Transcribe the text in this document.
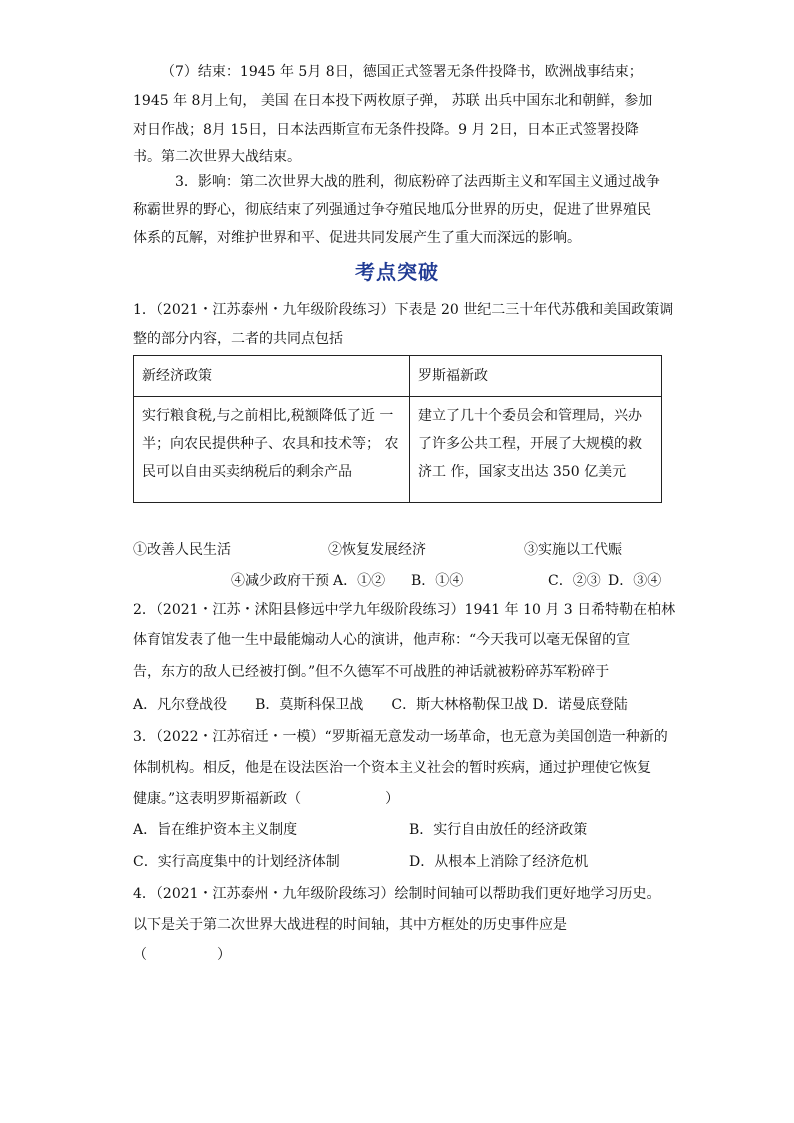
（7）结束：1945 年 5月 8日，德国正式签署无条件投降书，欧洲战事结束；
1945 年 8月上旬， 美国 在日本投下两枚原子弹， 苏联 出兵中国东北和朝鲜，参加
对日作战；8月 15日，日本法西斯宣布无条件投降。9 月 2日，日本正式签署投降
书。第二次世界大战结束。
3．影响：第二次世界大战的胜利，彻底粉碎了法西斯主义和军国主义通过战争
称霸世界的野心，彻底结束了列强通过争夺殖民地瓜分世界的历史，促进了世界殖民
体系的瓦解，对维护世界和平、促进共同发展产生了重大而深远的影响。
考点突破
1．（2021・江苏泰州・九年级阶段练习）下表是 20 世纪二三十年代苏俄和美国政策调
整的部分内容，二者的共同点包括
新经济政策	罗斯福新政
实行粮食税,与之前相比,税额降低了近 一半；向农民提供种子、农具和技术等； 农民可以自由买卖纳税后的剩余产品	建立了几十个委员会和管理局，兴办了许多公共工程，开展了大规模的救济工 作，国家支出达 350 亿美元
①改善人民生活	②恢复发展经济	③实施以工代赈
④减少政府干预 A．①② B．①④	C．②③ D．③④
2．（2021・江苏・沭阳县修远中学九年级阶段练习）1941 年 10 月 3 日希特勒在柏林
体育馆发表了他一生中最能煽动人心的演讲，他声称：“今天我可以毫无保留的宣
告，东方的敌人已经被打倒。”但不久德军不可战胜的神话就被粉碎苏军粉碎于
A．凡尔登战役　　B．莫斯科保卫战　　C．斯大林格勒保卫战 D．诺曼底登陆
3．（2022・江苏宿迁・一模）“罗斯福无意发动一场革命，也无意为美国创造一种新的
体制机构。相反，他是在设法医治一个资本主义社会的暂时疾病，通过护理使它恢复
健康。”这表明罗斯福新政（　　　　　　）
A．旨在维护资本主义制度	B．实行自由放任的经济政策
C．实行高度集中的计划经济体制	D．从根本上消除了经济危机
4．（2021・江苏泰州・九年级阶段练习）绘制时间轴可以帮助我们更好地学习历史。
以下是关于第二次世界大战进程的时间轴，其中方框处的历史事件应是
（　　　　　）
